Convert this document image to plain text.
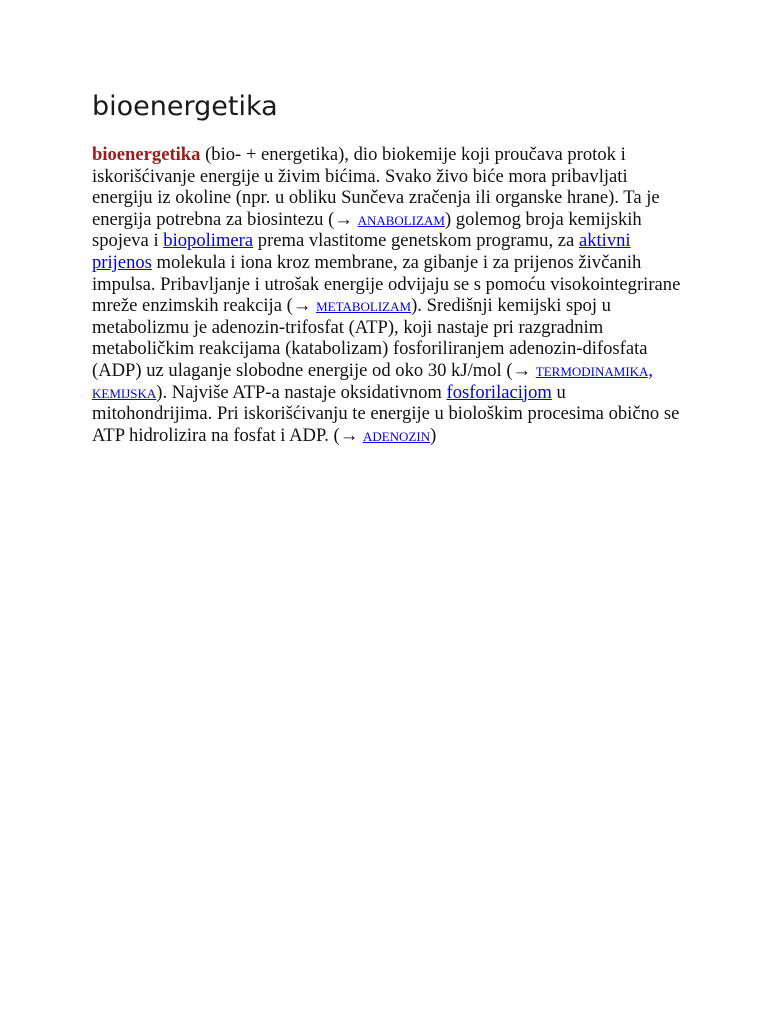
bioenergetika

bioenergetika (bio- + energetika), dio biokemije koji proučava protok i iskorišćivanje energije u živim bićima. Svako živo biće mora pribavljati energiju iz okoline (npr. u obliku Sunčeva zračenja ili organske hrane). Ta je energija potrebna za biosintezu (→ anabolizam) golemog broja kemijskih spojeva i biopolimera prema vlastitome genetskom programu, za aktivni prijenos molekula i iona kroz membrane, za gibanje i za prijenos živčanih impulsa. Pribavljanje i utrošak energije odvijaju se s pomoću visokointegrirane mreže enzimskih reakcija (→ metabolizam). Središnji kemijski spoj u metabolizmu je adenozin-trifosfat (ATP), koji nastaje pri razgradnim metaboličkim reakcijama (katabolizam) fosforiliranjem adenozin-difosfata (ADP) uz ulaganje slobodne energije od oko 30 kJ/mol (→ termodinamika, kemijska). Najviše ATP-a nastaje oksidativnom fosforilacijom u mitohondrijima. Pri iskorišćivanju te energije u biološkim procesima obično se ATP hidrolizira na fosfat i ADP. (→ adenozin)
